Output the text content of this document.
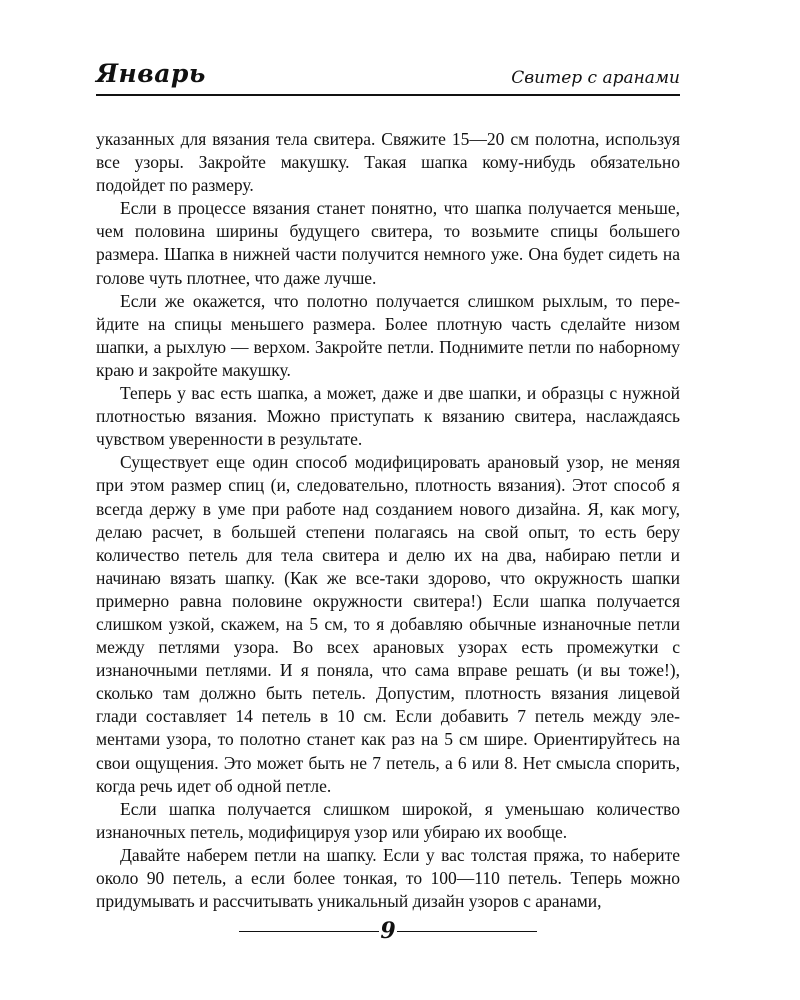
Январь	Свитер с аранами

указанных для вязания тела свитера. Свяжите 15—20 см полотна, используя все узоры. Закройте макушку. Такая шапка кому-нибудь обязательно подойдет по размеру.

Если в процессе вязания станет понятно, что шапка получается меньше, чем половина ширины будущего свитера, то возьмите спицы большего размера. Шапка в нижней части получится немного уже. Она будет сидеть на голове чуть плотнее, что даже лучше.

Если же окажется, что полотно получается слишком рыхлым, то перейдите на спицы меньшего размера. Более плотную часть сделайте низом шапки, а рыхлую — верхом. Закройте петли. Поднимите петли по наборному краю и закройте макушку.

Теперь у вас есть шапка, а может, даже и две шапки, и образцы с нужной плотностью вязания. Можно приступать к вязанию свитера, наслаждаясь чувством уверенности в результате.

Существует еще один способ модифицировать арановый узор, не меняя при этом размер спиц (и, следовательно, плотность вязания). Этот способ я всегда держу в уме при работе над созданием нового дизайна. Я, как могу, делаю расчет, в большей степени полагаясь на свой опыт, то есть беру количество петель для тела свитера и делю их на два, набираю петли и начинаю вязать шапку. (Как же все-таки здорово, что окружность шапки примерно равна половине окружности свитера!) Если шапка получается слишком узкой, скажем, на 5 см, то я добавляю обычные изнаночные петли между петлями узора. Во всех арановых узорах есть промежутки с изнаночными петлями. И я поняла, что сама вправе решать (и вы тоже!), сколько там должно быть петель. Допустим, плотность вязания лицевой глади составляет 14 петель в 10 см. Если добавить 7 петель между элементами узора, то полотно станет как раз на 5 см шире. Ориентируйтесь на свои ощущения. Это может быть не 7 петель, а 6 или 8. Нет смысла спорить, когда речь идет об одной петле.

Если шапка получается слишком широкой, я уменьшаю количество изнаночных петель, модифицируя узор или убираю их вообще.

Давайте наберем петли на шапку. Если у вас толстая пряжа, то наберите около 90 петель, а если более тонкая, то 100—110 петель. Теперь можно придумывать и рассчитывать уникальный дизайн узоров с аранами,

9
